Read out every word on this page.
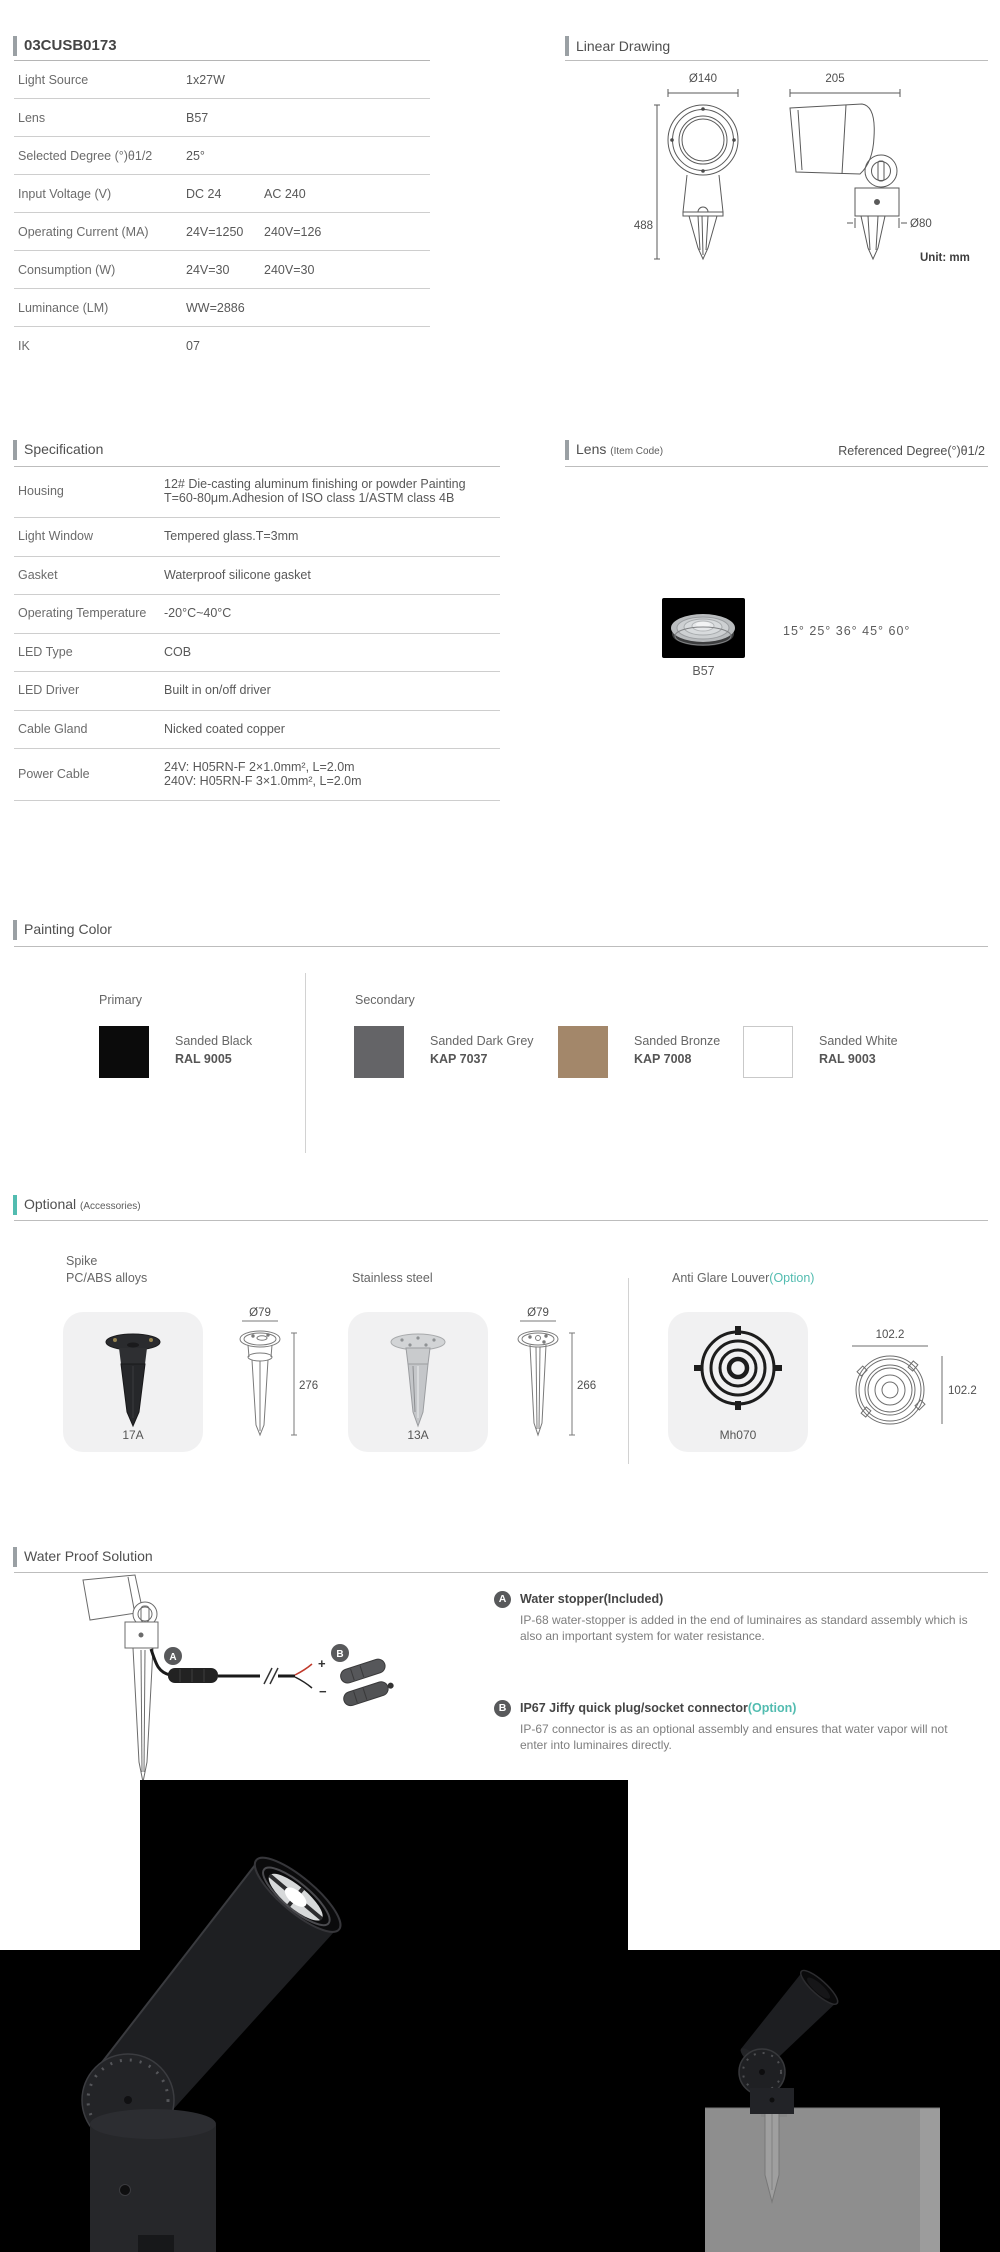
03CUSB0173
Light Source	1x27W
Lens	B57
Selected Degree (°)θ1/2	25°
Input Voltage (V)	DC 24	AC 240
Operating Current (MA)	24V=1250 240V=126
Consumption (W)	24V=30	240V=30
Luminance (LM)	WW=2886
IK	07
Linear Drawing
Ø140	205
488	Ø80
Unit: mm
Specification
Housing	12# Die-casting aluminum finishing or powder Painting
T=60-80μm.Adhesion of ISO class 1/ASTM class 4B
Light Window	Tempered glass.T=3mm
Gasket	Waterproof silicone gasket
Operating Temperature	-20°C~40°C
LED Type	COB
LED Driver	Built in on/off driver
Cable Gland	Nicked coated copper
Power Cable	24V: H05RN-F 2×1.0mm², L=2.0m
240V: H05RN-F 3×1.0mm², L=2.0m
Lens (Item Code)	Referenced Degree(°)θ1/2
B57
15° 25° 36° 45° 60°
Painting Color
Primary	Secondary
Sanded Black
RAL 9005
Sanded Dark Grey
KAP 7037
Sanded Bronze
KAP 7008
Sanded White
RAL 9003
Optional (Accessories)
Spike
PC/ABS alloys	Stainless steel	Anti Glare Louver(Option)
17A
Ø79
276
13A
Ø79
266
Mh070
102.2
102.2
Water Proof Solution
+
−
A	B
A	Water stopper(Included)
IP-68 water-stopper is added in the end of luminaires as standard assembly which is also an important system for water resistance.
B	IP67 Jiffy quick plug/socket connector(Option)
IP-67 connector is as an optional assembly and ensures that water vapor will not enter into luminaires directly.
